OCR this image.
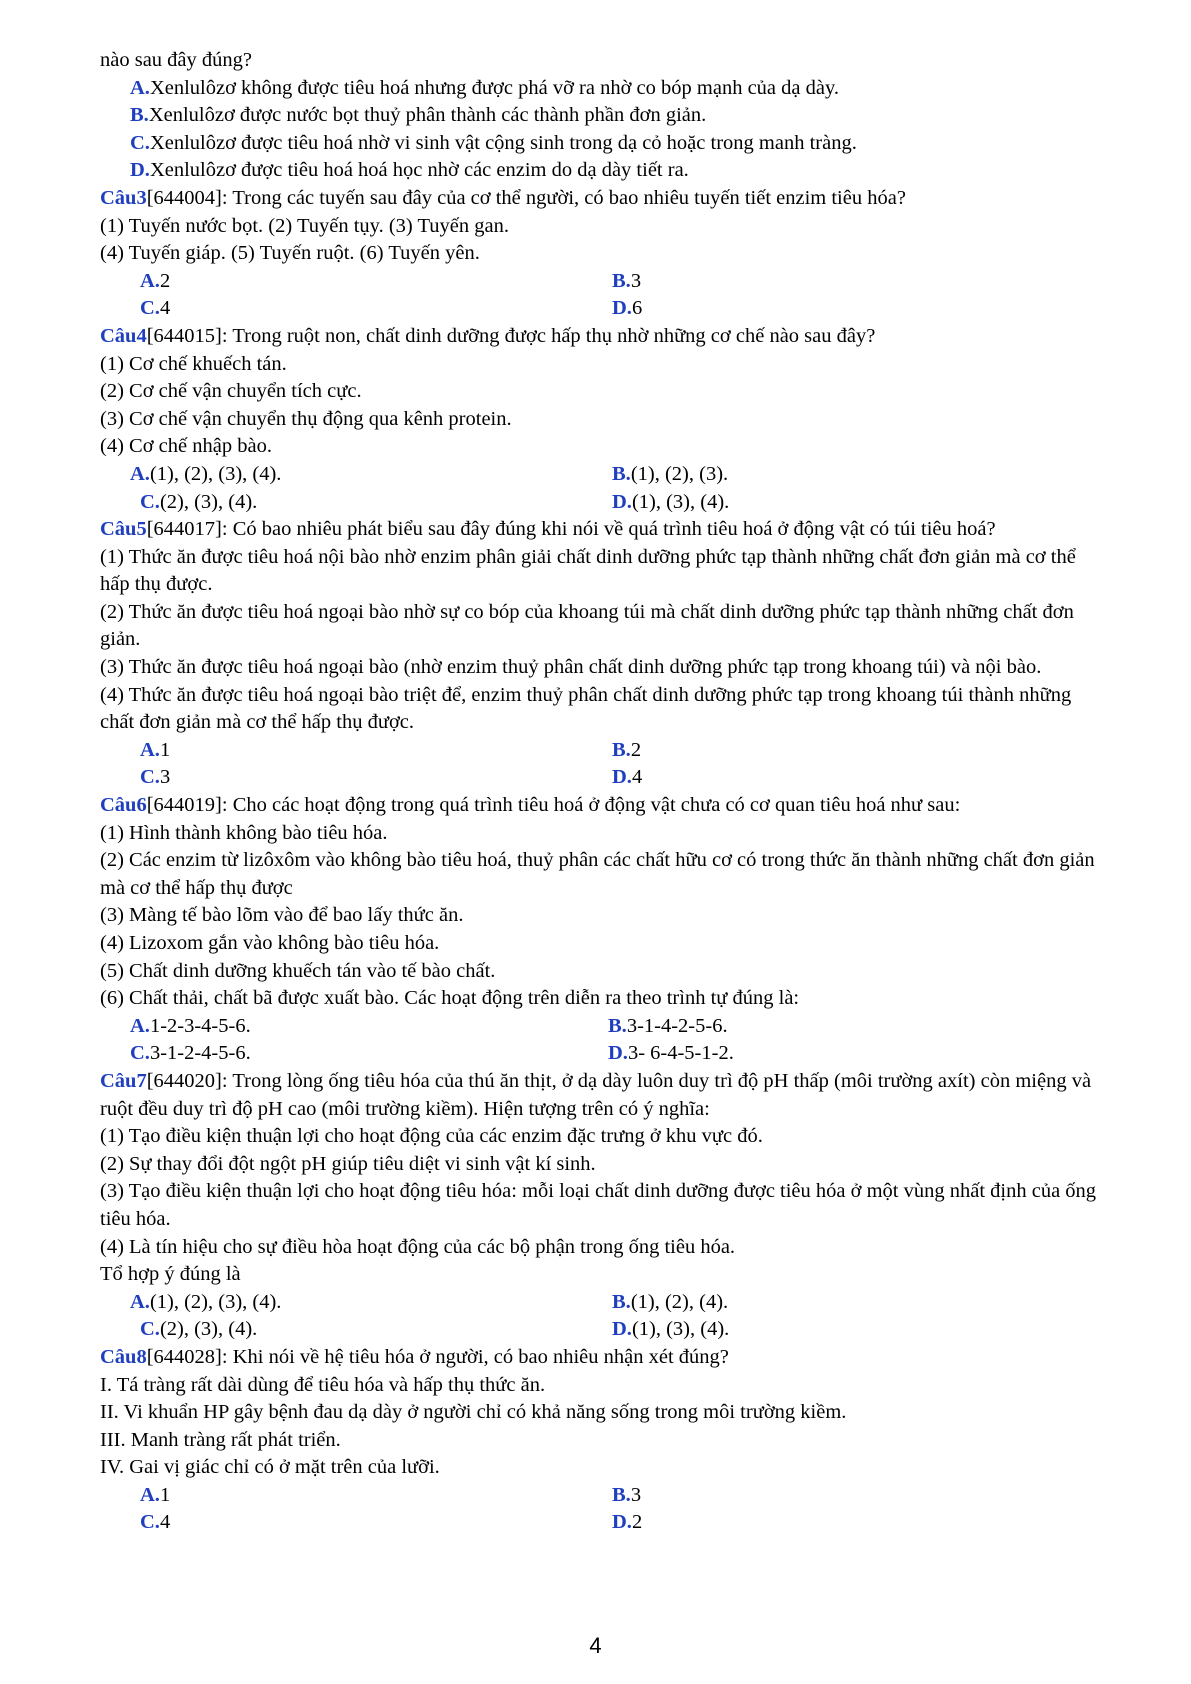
nào sau đây đúng?
A.Xenlulôzơ không được tiêu hoá nhưng được phá vỡ ra nhờ co bóp mạnh của dạ dày.
B.Xenlulôzơ được nước bọt thuỷ phân thành các thành phần đơn giản.
C.Xenlulôzơ được tiêu hoá nhờ vi sinh vật cộng sinh trong dạ cỏ hoặc trong manh tràng.
D.Xenlulôzơ được tiêu hoá hoá học nhờ các enzim do dạ dày tiết ra.
Câu3[644004]: Trong các tuyến sau đây của cơ thể người, có bao nhiêu tuyến tiết enzim tiêu hóa?
(1) Tuyến nước bọt. (2) Tuyến tụy. (3) Tuyến gan.
(4) Tuyến giáp. (5) Tuyến ruột. (6) Tuyến yên.
A.2	B.3
C.4	D.6
Câu4[644015]: Trong ruột non, chất dinh dưỡng được hấp thụ nhờ những cơ chế nào sau đây?
(1) Cơ chế khuếch tán.
(2) Cơ chế vận chuyển tích cực.
(3) Cơ chế vận chuyển thụ động qua kênh protein.
(4) Cơ chế nhập bào.
A.(1), (2), (3), (4).	B.(1), (2), (3).
C.(2), (3), (4).	D.(1), (3), (4).
Câu5[644017]: Có bao nhiêu phát biểu sau đây đúng khi nói về quá trình tiêu hoá ở động vật có túi tiêu hoá?
(1) Thức ăn được tiêu hoá nội bào nhờ enzim phân giải chất dinh dưỡng phức tạp thành những chất đơn giản mà cơ thể hấp thụ được.
(2) Thức ăn được tiêu hoá ngoại bào nhờ sự co bóp của khoang túi mà chất dinh dưỡng phức tạp thành những chất đơn giản.
(3) Thức ăn được tiêu hoá ngoại bào (nhờ enzim thuỷ phân chất dinh dưỡng phức tạp trong khoang túi) và nội bào.
(4) Thức ăn được tiêu hoá ngoại bào triệt để, enzim thuỷ phân chất dinh dưỡng phức tạp trong khoang túi thành những chất đơn giản mà cơ thể hấp thụ được.
A.1	B.2
C.3	D.4
Câu6[644019]: Cho các hoạt động trong quá trình tiêu hoá ở động vật chưa có cơ quan tiêu hoá như sau:
(1) Hình thành không bào tiêu hóa.
(2) Các enzim từ lizôxôm vào không bào tiêu hoá, thuỷ phân các chất hữu cơ có trong thức ăn thành những chất đơn giản mà cơ thể hấp thụ được
(3) Màng tế bào lõm vào để bao lấy thức ăn.
(4) Lizoxom gắn vào không bào tiêu hóa.
(5) Chất dinh dưỡng khuếch tán vào tế bào chất.
(6) Chất thải, chất bã được xuất bào. Các hoạt động trên diễn ra theo trình tự đúng là:
A.1-2-3-4-5-6.	B.3-1-4-2-5-6.
C.3-1-2-4-5-6.	D.3- 6-4-5-1-2.
Câu7[644020]: Trong lòng ống tiêu hóa của thú ăn thịt, ở dạ dày luôn duy trì độ pH thấp (môi trường axít) còn miệng và ruột đều duy trì độ pH cao (môi trường kiềm). Hiện tượng trên có ý nghĩa:
(1) Tạo điều kiện thuận lợi cho hoạt động của các enzim đặc trưng ở khu vực đó.
(2) Sự thay đổi đột ngột pH giúp tiêu diệt vi sinh vật kí sinh.
(3) Tạo điều kiện thuận lợi cho hoạt động tiêu hóa: mỗi loại chất dinh dưỡng được tiêu hóa ở một vùng nhất định của ống tiêu hóa.
(4) Là tín hiệu cho sự điều hòa hoạt động của các bộ phận trong ống tiêu hóa.
Tổ hợp ý đúng là
A.(1), (2), (3), (4).	B.(1), (2), (4).
C.(2), (3), (4).	D.(1), (3), (4).
Câu8[644028]: Khi nói về hệ tiêu hóa ở người, có bao nhiêu nhận xét đúng?
I. Tá tràng rất dài dùng để tiêu hóa và hấp thụ thức ăn.
II. Vi khuẩn HP gây bệnh đau dạ dày ở người chỉ có khả năng sống trong môi trường kiềm.
III. Manh tràng rất phát triển.
IV. Gai vị giác chỉ có ở mặt trên của lưỡi.
A.1	B.3
C.4	D.2
4
